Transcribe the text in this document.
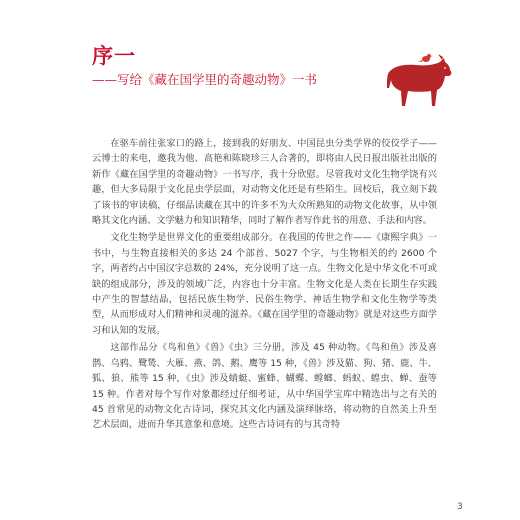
序一
——写给《藏在国学里的奇趣动物》一书

在驱车前往张家口的路上，接到我的好朋友、中国昆虫分类学界的佼佼学子——云博士的来电，邀我为他、高艳和陈晓珍三人合著的，即将由人民日报出版社出版的新作《藏在国学里的奇趣动物》一书写序，我十分欣慰。尽管我对文化生物学饶有兴趣，但大多局限于文化昆虫学层面，对动物文化还是有些陌生。回校后，我立刻下载了该书的审读稿，仔细品读藏在其中的许多不为大众所熟知的动物文化故事，从中领略其文化内涵、文学魅力和知识精华，同时了解作者写作此书的用意、手法和内容。

文化生物学是世界文化的重要组成部分。在我国的传世之作——《康熙字典》一书中，与生物直接相关的多达 24 个部首、5027 个字，与生物相关的约 2600 个字，两者约占中国汉字总数的 24%，充分说明了这一点。生物文化是中华文化不可或缺的组成部分，涉及的领域广泛，内容也十分丰富。生物文化是人类在长期生存实践中产生的智慧结晶，包括民族生物学、民俗生物学、神话生物学和文化生物学等类型，从而形成对人们精神和灵魂的滋养。《藏在国学里的奇趣动物》就是对这些方面学习和认知的发展。

这部作品分《鸟和鱼》《兽》《虫》三分册，涉及 45 种动物。《鸟和鱼》涉及喜鹊、乌鸦、鹭鸶、大雁、燕、鸽、鹅、鹰等 15 种，《兽》涉及猫、狗、猪、鹿、牛、狐、狼、熊等 15 种，《虫》涉及蜻蜓、蜜蜂、蝴蝶、螳螂、蚂蚁、蝗虫、蝉、蚕等 15 种。作者对每个写作对象都经过仔细考证，从中华国学宝库中精选出与之有关的 45 首常见的动物文化古诗词，探究其文化内涵及演绎脉络，将动物的自然美上升至艺术层面，进而升华其意象和意境。这些古诗词有的与其奇特

3
